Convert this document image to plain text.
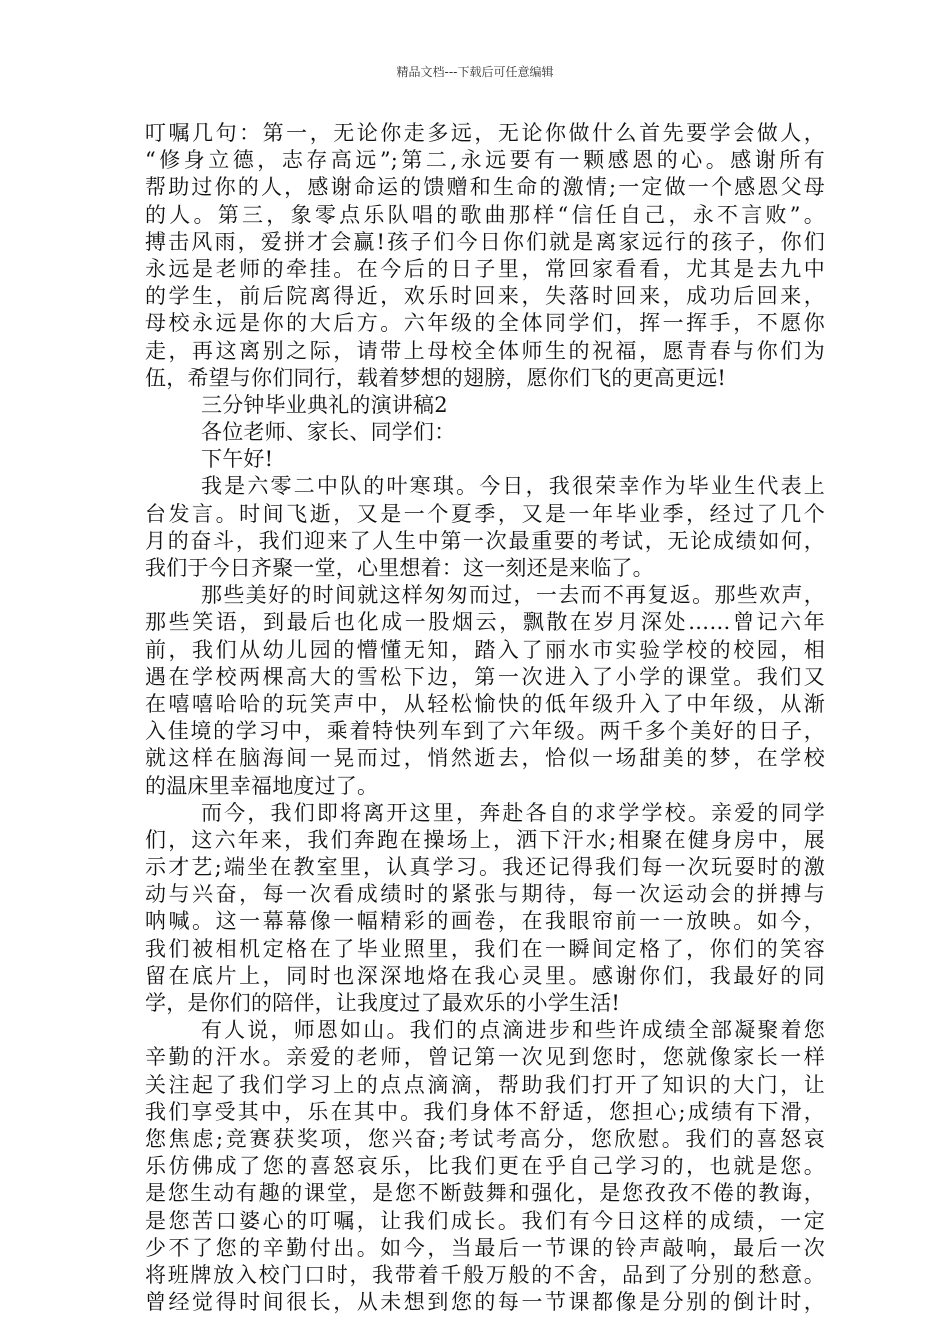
精品文档---下载后可任意编辑
叮嘱几句：第一，无论你走多远，无论你做什么首先要学会做人，
“修身立德，志存高远”;第二,永远要有一颗感恩的心。感谢所有
帮助过你的人，感谢命运的馈赠和生命的激情;一定做一个感恩父母
的人。第三，象零点乐队唱的歌曲那样“信任自己，永不言败”。
搏击风雨，爱拼才会赢!孩子们今日你们就是离家远行的孩子，你们
永远是老师的牵挂。在今后的日子里，常回家看看，尤其是去九中
的学生，前后院离得近，欢乐时回来，失落时回来，成功后回来，
母校永远是你的大后方。六年级的全体同学们，挥一挥手，不愿你
走，再这离别之际，请带上母校全体师生的祝福，愿青春与你们为
伍，希望与你们同行，载着梦想的翅膀，愿你们飞的更高更远!
三分钟毕业典礼的演讲稿2
各位老师、家长、同学们：
下午好!
我是六零二中队的叶寒琪。今日，我很荣幸作为毕业生代表上
台发言。时间飞逝，又是一个夏季，又是一年毕业季，经过了几个
月的奋斗，我们迎来了人生中第一次最重要的考试，无论成绩如何，
我们于今日齐聚一堂，心里想着：这一刻还是来临了。
那些美好的时间就这样匆匆而过，一去而不再复返。那些欢声，
那些笑语，到最后也化成一股烟云，飘散在岁月深处……曾记六年
前，我们从幼儿园的懵懂无知，踏入了丽水市实验学校的校园，相
遇在学校两棵高大的雪松下边，第一次进入了小学的课堂。我们又
在嘻嘻哈哈的玩笑声中，从轻松愉快的低年级升入了中年级，从渐
入佳境的学习中，乘着特快列车到了六年级。两千多个美好的日子，
就这样在脑海间一晃而过，悄然逝去，恰似一场甜美的梦，在学校
的温床里幸福地度过了。
而今，我们即将离开这里，奔赴各自的求学学校。亲爱的同学
们，这六年来，我们奔跑在操场上，洒下汗水;相聚在健身房中，展
示才艺;端坐在教室里，认真学习。我还记得我们每一次玩耍时的激
动与兴奋，每一次看成绩时的紧张与期待，每一次运动会的拼搏与
呐喊。这一幕幕像一幅精彩的画卷，在我眼帘前一一放映。如今，
我们被相机定格在了毕业照里，我们在一瞬间定格了，你们的笑容
留在底片上，同时也深深地烙在我心灵里。感谢你们，我最好的同
学，是你们的陪伴，让我度过了最欢乐的小学生活!
有人说，师恩如山。我们的点滴进步和些许成绩全部凝聚着您
辛勤的汗水。亲爱的老师，曾记第一次见到您时，您就像家长一样
关注起了我们学习上的点点滴滴，帮助我们打开了知识的大门，让
我们享受其中，乐在其中。我们身体不舒适，您担心;成绩有下滑，
您焦虑;竞赛获奖项，您兴奋;考试考高分，您欣慰。我们的喜怒哀
乐仿佛成了您的喜怒哀乐，比我们更在乎自己学习的，也就是您。
是您生动有趣的课堂，是您不断鼓舞和强化，是您孜孜不倦的教诲，
是您苦口婆心的叮嘱，让我们成长。我们有今日这样的成绩，一定
少不了您的辛勤付出。如今，当最后一节课的铃声敲响，最后一次
将班牌放入校门口时，我带着千般万般的不舍，品到了分别的愁意。
曾经觉得时间很长，从未想到您的每一节课都像是分别的倒计时，
